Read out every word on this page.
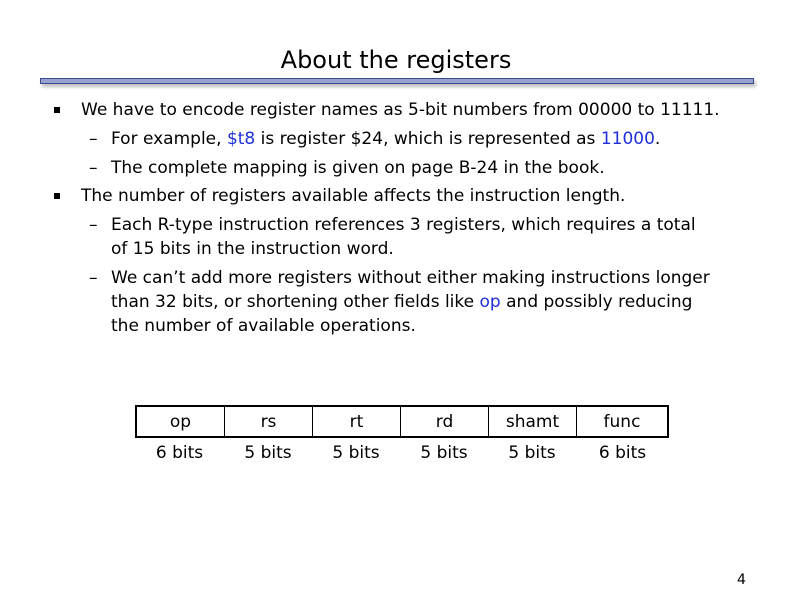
About the registers
We have to encode register names as 5-bit numbers from 00000 to 11111.
– For example, $t8 is register $24, which is represented as 11000.
– The complete mapping is given on page B-24 in the book.
The number of registers available affects the instruction length.
– Each R-type instruction references 3 registers, which requires a total
of 15 bits in the instruction word.
– We can’t add more registers without either making instructions longer
than 32 bits, or shortening other fields like op and possibly reducing
the number of available operations.
op	rs	rt	rd	shamt	func
6 bits	5 bits	5 bits	5 bits	5 bits	6 bits
4
